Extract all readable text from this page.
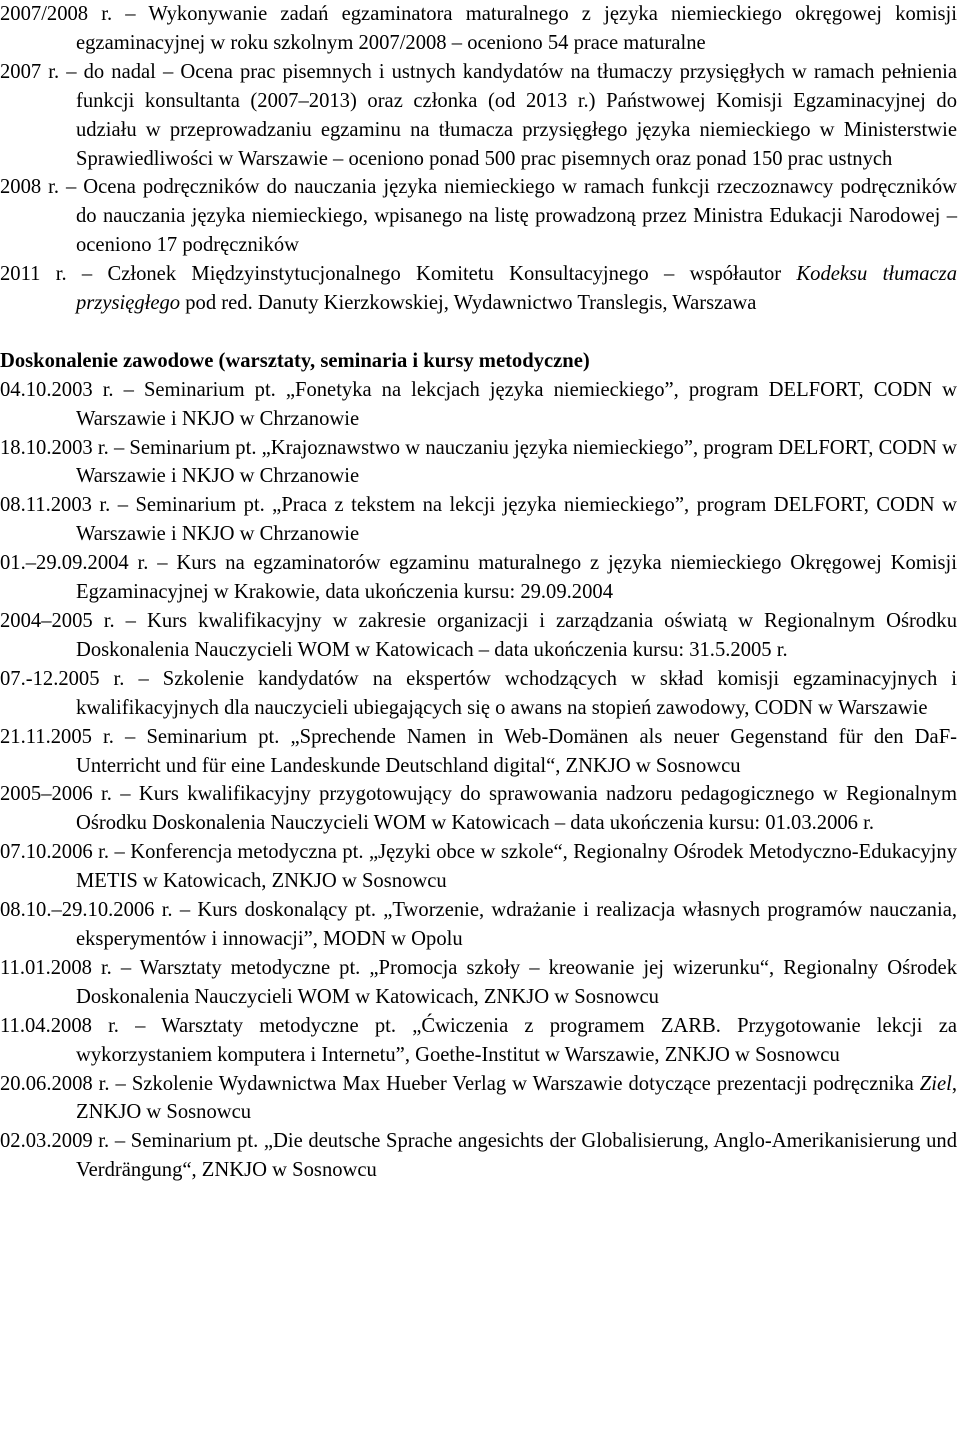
2007/2008 r. – Wykonywanie zadań egzaminatora maturalnego z języka niemieckiego okręgowej komisji egzaminacyjnej w roku szkolnym 2007/2008 – oceniono 54 prace maturalne

2007 r. – do nadal – Ocena prac pisemnych i ustnych kandydatów na tłumaczy przysięgłych w ramach pełnienia funkcji konsultanta (2007–2013) oraz członka (od 2013 r.) Państwowej Komisji Egzaminacyjnej do udziału w przeprowadzaniu egzaminu na tłumacza przysięgłego języka niemieckiego w Ministerstwie Sprawiedliwości w Warszawie – oceniono ponad 500 prac pisemnych oraz ponad 150 prac ustnych

2008 r. – Ocena podręczników do nauczania języka niemieckiego w ramach funkcji rzeczoznawcy podręczników do nauczania języka niemieckiego, wpisanego na listę prowadzoną przez Ministra Edukacji Narodowej – oceniono 17 podręczników

2011 r. – Członek Międzyinstytucjonalnego Komitetu Konsultacyjnego – współautor Kodeksu tłumacza przysięgłego pod red. Danuty Kierzkowskiej, Wydawnictwo Translegis, Warszawa

Doskonalenie zawodowe (warsztaty, seminaria i kursy metodyczne)

04.10.2003 r. – Seminarium pt. „Fonetyka na lekcjach języka niemieckiego”, program DELFORT, CODN w Warszawie i NKJO w Chrzanowie

18.10.2003 r. – Seminarium pt. „Krajoznawstwo w nauczaniu języka niemieckiego”, program DELFORT, CODN w Warszawie i NKJO w Chrzanowie

08.11.2003 r. – Seminarium pt. „Praca z tekstem na lekcji języka niemieckiego”, program DELFORT, CODN w Warszawie i NKJO w Chrzanowie

01.–29.09.2004 r. – Kurs na egzaminatorów egzaminu maturalnego z języka niemieckiego Okręgowej Komisji Egzaminacyjnej w Krakowie, data ukończenia kursu: 29.09.2004

2004–2005 r. – Kurs kwalifikacyjny w zakresie organizacji i zarządzania oświatą w Regionalnym Ośrodku Doskonalenia Nauczycieli WOM w Katowicach – data ukończenia kursu: 31.5.2005 r.

07.-12.2005 r. – Szkolenie kandydatów na ekspertów wchodzących w skład komisji egzaminacyjnych i kwalifikacyjnych dla nauczycieli ubiegających się o awans na stopień zawodowy, CODN w Warszawie

21.11.2005 r. – Seminarium pt. „Sprechende Namen in Web-Domänen als neuer Gegenstand für den DaF-Unterricht und für eine Landeskunde Deutschland digital“, ZNKJO w Sosnowcu

2005–2006 r. – Kurs kwalifikacyjny przygotowujący do sprawowania nadzoru pedagogicznego w Regionalnym Ośrodku Doskonalenia Nauczycieli WOM w Katowicach – data ukończenia kursu: 01.03.2006 r.

07.10.2006 r. – Konferencja metodyczna pt. „Języki obce w szkole“, Regionalny Ośrodek Metodyczno-Edukacyjny METIS w Katowicach, ZNKJO w Sosnowcu

08.10.–29.10.2006 r. – Kurs doskonalący pt. „Tworzenie, wdrażanie i realizacja własnych programów nauczania, eksperymentów i innowacji”, MODN w Opolu

11.01.2008 r. – Warsztaty metodyczne pt. „Promocja szkoły – kreowanie jej wizerunku“, Regionalny Ośrodek Doskonalenia Nauczycieli WOM w Katowicach, ZNKJO w Sosnowcu

11.04.2008 r. – Warsztaty metodyczne pt. „Ćwiczenia z programem ZARB. Przygotowanie lekcji za wykorzystaniem komputera i Internetu”, Goethe-Institut w Warszawie, ZNKJO w Sosnowcu

20.06.2008 r. – Szkolenie Wydawnictwa Max Hueber Verlag w Warszawie dotyczące prezentacji podręcznika Ziel, ZNKJO w Sosnowcu

02.03.2009 r. – Seminarium pt. „Die deutsche Sprache angesichts der Globalisierung, Anglo-Amerikanisierung und Verdrängung“, ZNKJO w Sosnowcu
